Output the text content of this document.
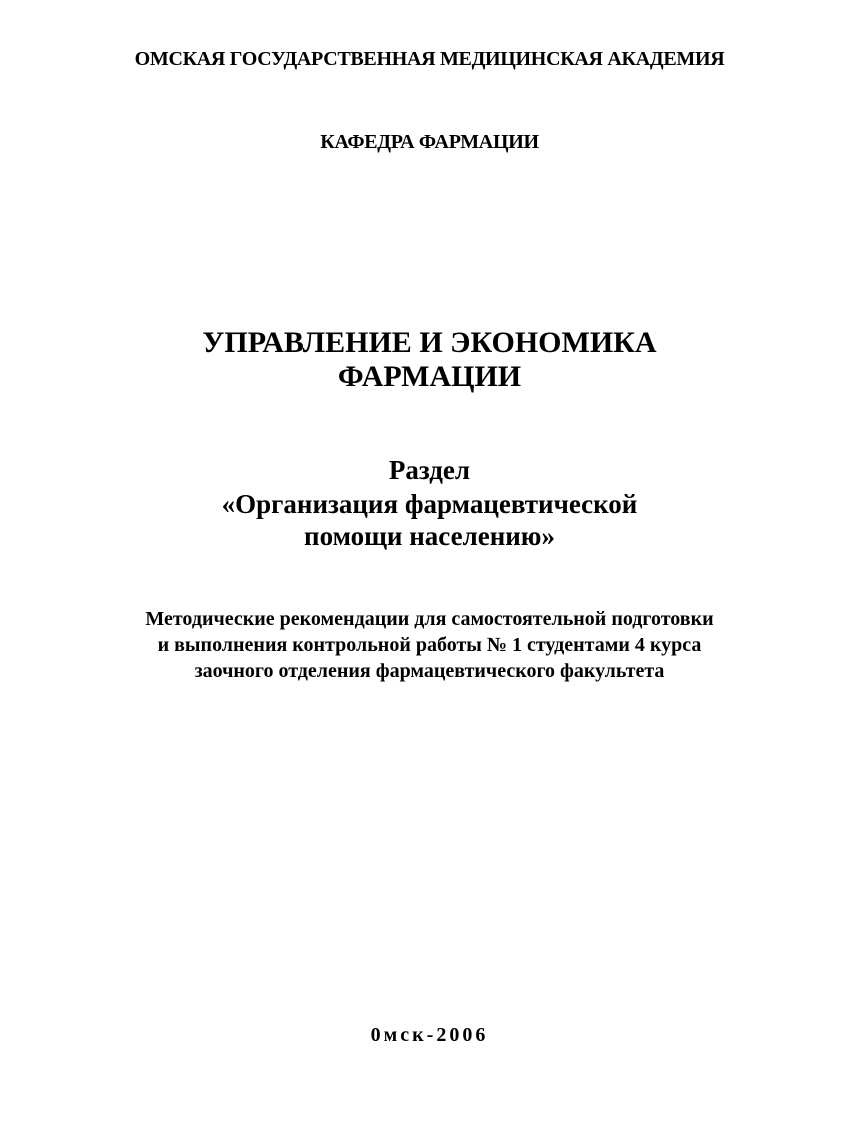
ОМСКАЯ ГОСУДАРСТВЕННАЯ МЕДИЦИНСКАЯ АКАДЕМИЯ
КАФЕДРА ФАРМАЦИИ
УПРАВЛЕНИЕ И ЭКОНОМИКА
ФАРМАЦИИ
Раздел
«Организация фармацевтической
помощи населению»
Методические рекомендации для самостоятельной подготовки
и выполнения контрольной работы № 1 студентами 4 курса
заочного отделения фармацевтического факультета
0мск-2006
